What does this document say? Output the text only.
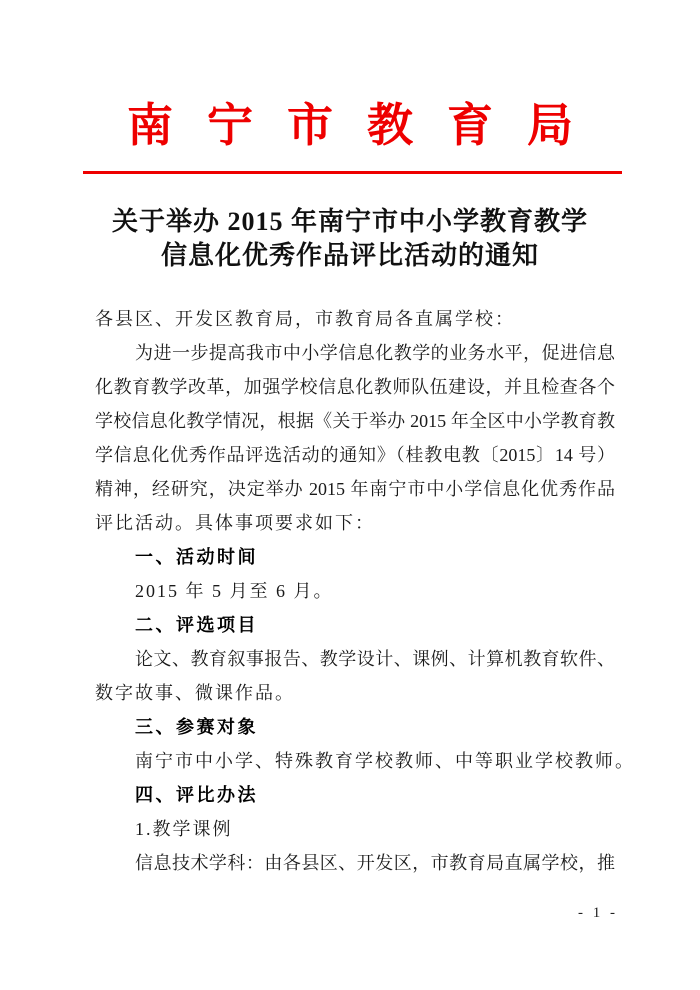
南宁市教育局
关于举办 2015 年南宁市中小学教育教学
信息化优秀作品评比活动的通知
各县区、开发区教育局，市教育局各直属学校：
为进一步提高我市中小学信息化教学的业务水平，促进信息
化教育教学改革，加强学校信息化教师队伍建设，并且检查各个
学校信息化教学情况，根据《关于举办 2015 年全区中小学教育教
学信息化优秀作品评选活动的通知》（桂教电教〔2015〕14 号）
精神，经研究，决定举办 2015 年南宁市中小学信息化优秀作品
评比活动。具体事项要求如下：
一、活动时间
2015 年 5 月至 6 月。
二、评选项目
论文、教育叙事报告、教学设计、课例、计算机教育软件、
数字故事、微课作品。
三、参赛对象
南宁市中小学、特殊教育学校教师、中等职业学校教师。
四、评比办法
1.教学课例
信息技术学科：由各县区、开发区，市教育局直属学校，推
- 1 -
